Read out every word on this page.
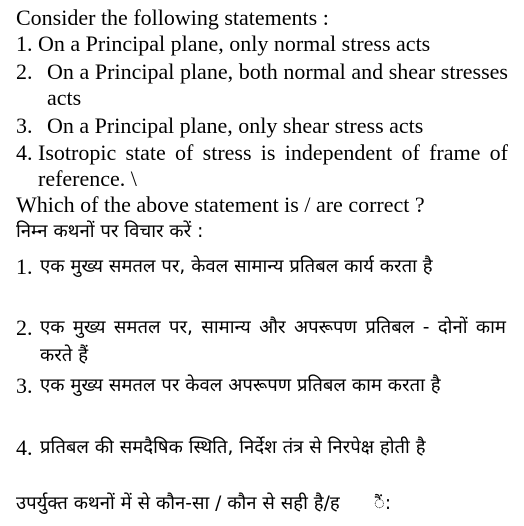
Consider the following statements :
1. On a Principal plane, only normal stress acts
2. On a Principal plane, both normal and shear stresses acts
3. On a Principal plane, only shear stress acts
4. Isotropic state of stress is independent of frame of reference. \
Which of the above statement is / are correct ?
निम्न कथनों पर विचार करें :
1. एक मुख्य समतल पर, केवल सामान्य प्रतिबल कार्य करता है
2. एक मुख्य समतल पर, सामान्य और अपरूपण प्रतिबल - दोनों काम करते हैं
3. एक मुख्य समतल पर केवल अपरूपण प्रतिबल काम करता है
4. प्रतिबल की समदैषिक स्थिति, निर्देश तंत्र से निरपेक्ष होती है
उपर्युक्त कथनों में से कौन-सा / कौन से सही है/ह      ैं:
